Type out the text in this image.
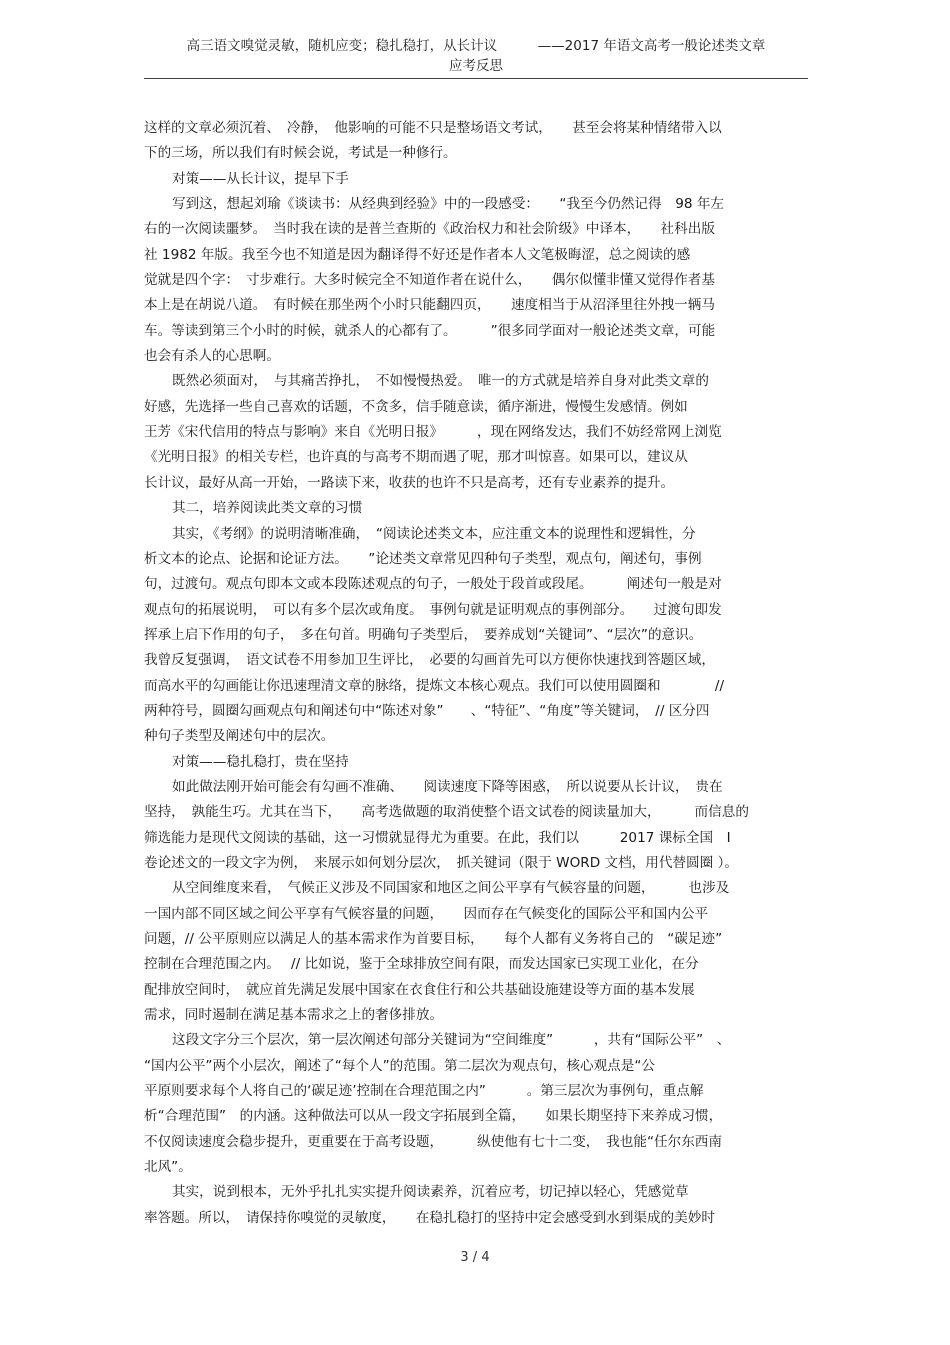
高三语文嗅觉灵敏，随机应变；稳扎稳打，从长计议　　　——2017 年语文高考一般论述类文章
应考反思
这样的文章必须沉着、　冷静，　他影响的可能不只是整场语文考试，　　甚至会将某种情绪带入以
下的三场，所以我们有时候会说，考试是一种修行。
对策——从长计议，提早下手
写到这，想起刘瑜《谈读书：从经典到经验》中的一段感受：　　“我至今仍然记得　98 年左
右的一次阅读噩梦。　当时我在读的是普兰查斯的《政治权力和社会阶级》中译本，　　社科出版
社 1982 年版。我至今也不知道是因为翻译得不好还是作者本人文笔极晦涩，总之阅读的感
觉就是四个字：　寸步难行。大多时候完全不知道作者在说什么，　　偶尔似懂非懂又觉得作者基
本上是在胡说八道。　有时候在那坐两个小时只能翻四页，　　速度相当于从沼泽里往外拽一辆马
车。等读到第三个小时的时候，就杀人的心都有了。　　　”很多同学面对一般论述类文章，可能
也会有杀人的心思啊。
既然必须面对，　与其痛苦挣扎，　不如慢慢热爱。　唯一的方式就是培养自身对此类文章的
好感，先选择一些自己喜欢的话题，不贪多，信手随意读，循序渐进，慢慢生发感情。例如
王芳《宋代信用的特点与影响》来自《光明日报》　　　，现在网络发达，我们不妨经常网上浏览
《光明日报》的相关专栏，也许真的与高考不期而遇了呢，那才叫惊喜。如果可以，建议从
长计议，最好从高一开始，一路读下来，收获的也许不只是高考，还有专业素养的提升。
其二，培养阅读此类文章的习惯
其实，《考纲》的说明清晰准确，　“阅读论述类文本，应注重文本的说理性和逻辑性，分
析文本的论点、论据和论证方法。　　”论述类文章常见四种句子类型，观点句，阐述句，事例
句，过渡句。观点句即本文或本段陈述观点的句子，一般处于段首或段尾。　　　阐述句一般是对
观点句的拓展说明，　可以有多个层次或角度。　事例句就是证明观点的事例部分。　　过渡句即发
挥承上启下作用的句子，　多在句首。明确句子类型后，　要养成划“关键词”、“层次”的意识。
我曾反复强调，　语文试卷不用参加卫生评比，　必要的勾画首先可以方便你快速找到答题区域，
而高水平的勾画能让你迅速理清文章的脉络，提炼文本核心观点。我们可以使用圆圈和　　　　//
两种符号，圆圈勾画观点句和阐述句中“陈述对象”　　、“特征”、“角度”等关键词，　// 区分四
种句子类型及阐述句中的层次。
对策——稳扎稳打，贵在坚持
如此做法刚开始可能会有勾画不准确、　　阅读速度下降等困惑，　所以说要从长计议，　贵在
坚持，　孰能生巧。尤其在当下，　　高考选做题的取消使整个语文试卷的阅读量加大，　　　而信息的
筛选能力是现代文阅读的基础，这一习惯就显得尤为重要。在此，我们以　　　2017 课标全国　I
卷论述文的一段文字为例，　来展示如何划分层次，　抓关键词（限于 WORD 文档，用代替圆圈 ）。
从空间维度来看，　气候正义涉及不同国家和地区之间公平享有气候容量的问题，　　　也涉及
一国内部不同区域之间公平享有气候容量的问题，　　因而存在气候变化的国际公平和国内公平
问题，// 公平原则应以满足人的基本需求作为首要目标，　　每个人都有义务将自己的　“碳足迹”
控制在合理范围之内。　 // 比如说，鉴于全球排放空间有限，而发达国家已实现工业化，在分
配排放空间时，　就应首先满足发展中国家在衣食住行和公共基础设施建设等方面的基本发展
需求，同时遏制在满足基本需求之上的奢侈排放。
这段文字分三个层次，第一层次阐述句部分关键词为“空间维度”　　　，共有“国际公平”　、
“国内公平”两个小层次，阐述了“每个人”的范围。第二层次为观点句，核心观点是“公
平原则要求每个人将自己的‘碳足迹’控制在合理范围之内”　　　。第三层次为事例句，重点解
析“合理范围”　的内涵。这种做法可以从一段文字拓展到全篇，　　如果长期坚持下来养成习惯，
不仅阅读速度会稳步提升，更重要在于高考设题，　　　纵使他有七十二变，　我也能“任尔东西南
北风”。
其实，说到根本，无外乎扎扎实实提升阅读素养，沉着应考，切记掉以轻心，凭感觉草
率答题。所以，　请保持你嗅觉的灵敏度，　　在稳扎稳打的坚持中定会感受到水到渠成的美妙时
3 / 4
